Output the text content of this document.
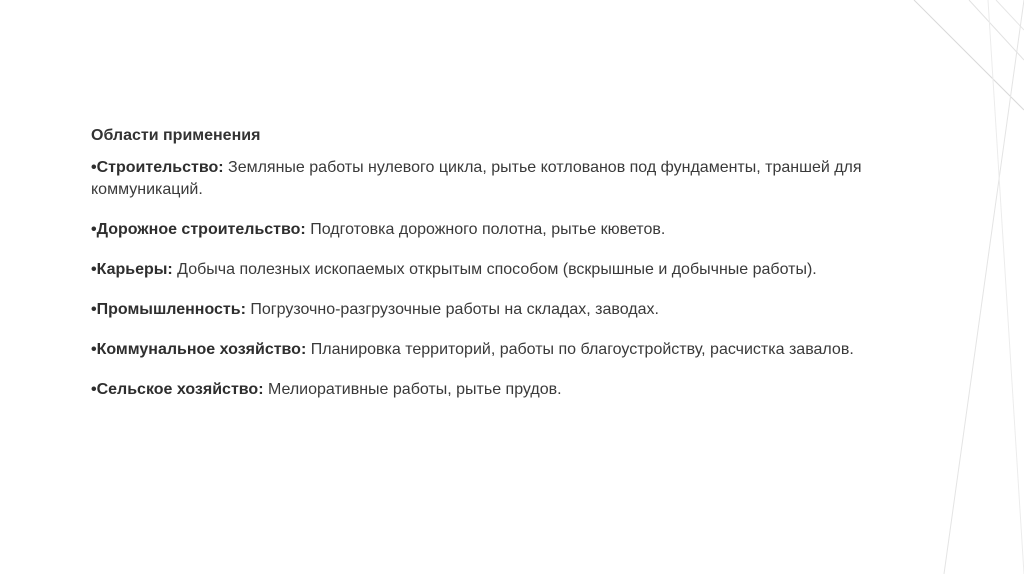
Области применения
•Строительство: Земляные работы нулевого цикла, рытье котлованов под фундаменты, траншей для коммуникаций.
•Дорожное строительство: Подготовка дорожного полотна, рытье кюветов.
•Карьеры: Добыча полезных ископаемых открытым способом (вскрышные и добычные работы).
•Промышленность: Погрузочно-разгрузочные работы на складах, заводах.
•Коммунальное хозяйство: Планировка территорий, работы по благоустройству, расчистка завалов.
•Сельское хозяйство: Мелиоративные работы, рытье прудов.
